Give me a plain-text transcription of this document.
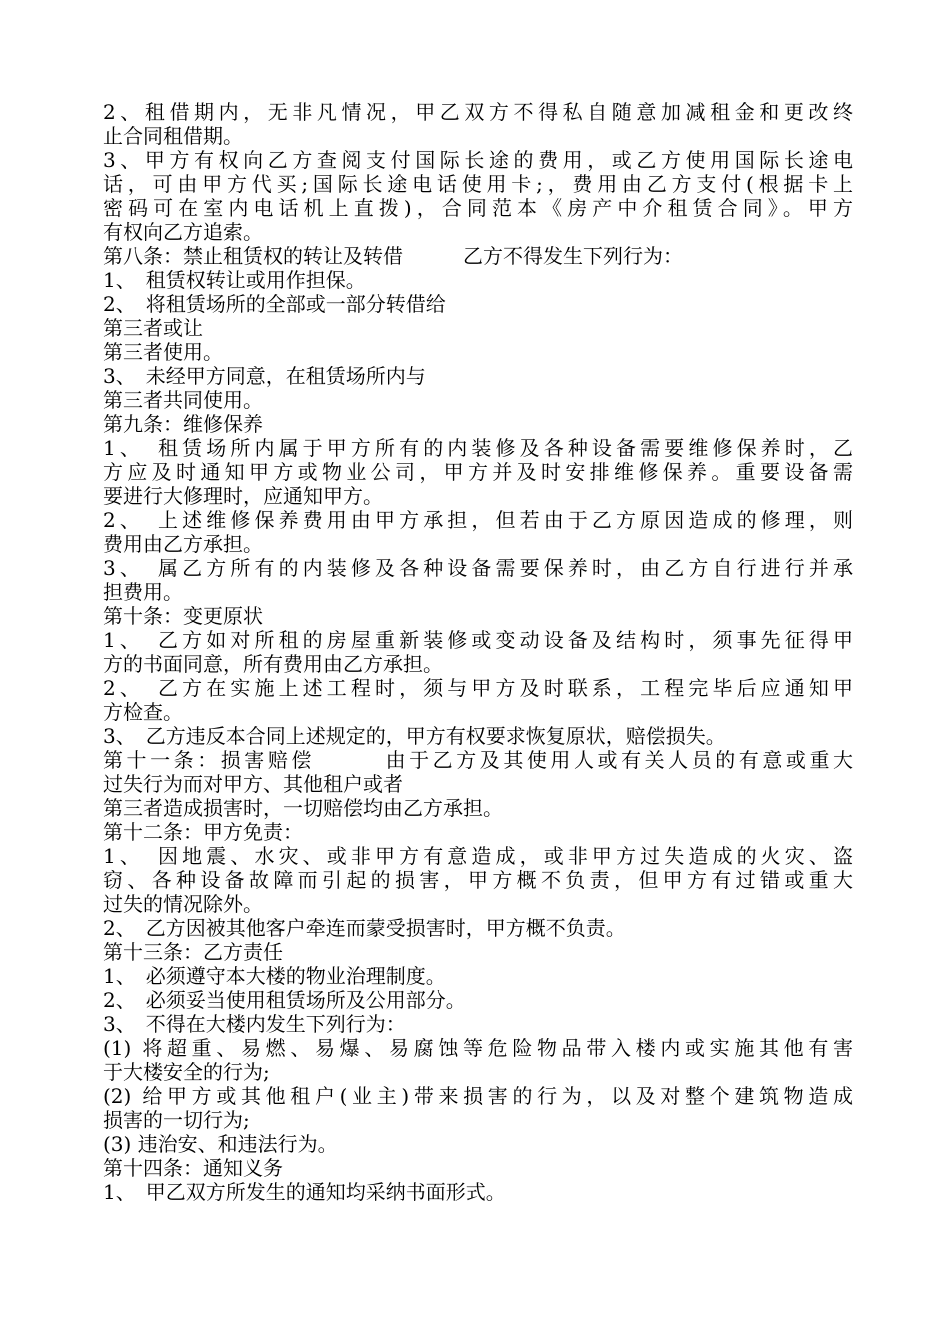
2、租借期内，无非凡情况，甲乙双方不得私自随意加减租金和更改终
止合同租借期。
3、甲方有权向乙方查阅支付国际长途的费用，或乙方使用国际长途电
话，可由甲方代买;国际长途电话使用卡;，费用由乙方支付(根据卡上
密码可在室内电话机上直拨)，合同范本《房产中介租赁合同》。甲方
有权向乙方追索。
第八条：禁止租赁权的转让及转借　　　乙方不得发生下列行为：
1、　租赁权转让或用作担保。
2、　将租赁场所的全部或一部分转借给
第三者或让
第三者使用。
3、　未经甲方同意，在租赁场所内与
第三者共同使用。
第九条：维修保养
1、　租赁场所内属于甲方所有的内装修及各种设备需要维修保养时，乙
方应及时通知甲方或物业公司，甲方并及时安排维修保养。重要设备需
要进行大修理时，应通知甲方。
2、　上述维修保养费用由甲方承担，但若由于乙方原因造成的修理，则
费用由乙方承担。
3、　属乙方所有的内装修及各种设备需要保养时，由乙方自行进行并承
担费用。
第十条：变更原状
1、　乙方如对所租的房屋重新装修或变动设备及结构时，须事先征得甲
方的书面同意，所有费用由乙方承担。
2、　乙方在实施上述工程时，须与甲方及时联系，工程完毕后应通知甲
方检查。
3、　乙方违反本合同上述规定的，甲方有权要求恢复原状，赔偿损失。
第十一条：损害赔偿　　　由于乙方及其使用人或有关人员的有意或重大
过失行为而对甲方、其他租户或者
第三者造成损害时，一切赔偿均由乙方承担。
第十二条：甲方免责：
1、　因地震、水灾、或非甲方有意造成，或非甲方过失造成的火灾、盗
窃、各种设备故障而引起的损害，甲方概不负责，但甲方有过错或重大
过失的情况除外。
2、　乙方因被其他客户牵连而蒙受损害时，甲方概不负责。
第十三条：乙方责任
1、　必须遵守本大楼的物业治理制度。
2、　必须妥当使用租赁场所及公用部分。
3、　不得在大楼内发生下列行为：
(1) 将超重、易燃、易爆、易腐蚀等危险物品带入楼内或实施其他有害
于大楼安全的行为;
(2) 给甲方或其他租户(业主)带来损害的行为，以及对整个建筑物造成
损害的一切行为;
(3) 违治安、和违法行为。
第十四条：通知义务
1、　甲乙双方所发生的通知均采纳书面形式。
